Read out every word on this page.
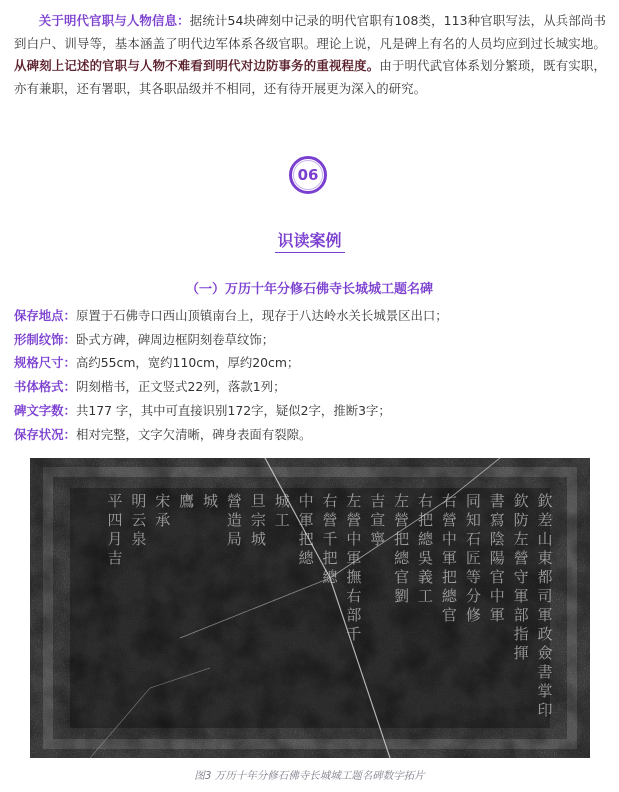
关于明代官职与人物信息：据统计54块碑刻中记录的明代官职有108类，113种官职写法，从兵部尚书到白户、训导等，基本涵盖了明代边军体系各级官职。理论上说，凡是碑上有名的人员均应到过长城实地。从碑刻上记述的官职与人物不难看到明代对边防事务的重视程度。由于明代武官体系划分繁琐，既有实职，亦有兼职，还有署职，其各职品级并不相同，还有待开展更为深入的研究。
06
识读案例
（一）万历十年分修石佛寺长城城工题名碑
保存地点：原置于石佛寺口西山顶镇南台上，现存于八达岭水关长城景区出口；
形制纹饰：卧式方碑，碑周边框阴刻卷草纹饰；
规格尺寸：高约55cm，宽约110cm，厚约20cm；
书体格式：阴刻楷书，正文竖式22列，落款1列；
碑文字数：共177 字，其中可直接识别172字，疑似2字，推断3字；
保存状况：相对完整，文字欠清晰，碑身表面有裂隙。
欽
差
山
東
都
司
軍
政
僉
書
掌
印
欽
防
左
營
守
軍
部
指
揮
書
寫
陰
陽
官
中
軍
同
知
石
匠
等
分
修
右
營
中
軍
把
總
官
右
把
總
吳
義
工
左
營
把
總
官
劉
吉
宣
寧
左
營
中
軍
撫
右
部
千
右
營
千
把
總
中
軍
把
總
城
工
旦
宗
城
營
造
局
城
鷹
宋
承
明
云
泉
平
四
月
吉
图3 万历十年分修石佛寺长城城工题名碑数字拓片
